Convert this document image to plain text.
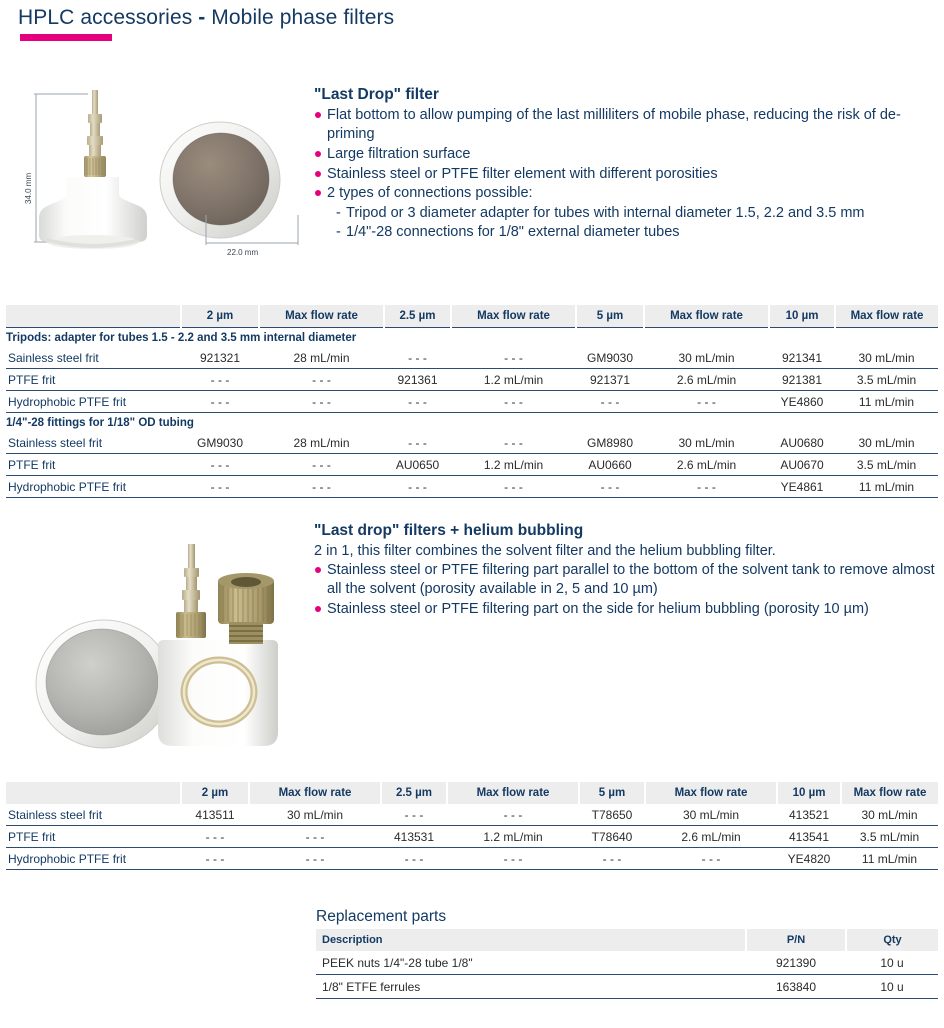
HPLC accessories - Mobile phase filters
34.0 mm
22.0 mm
"Last Drop" filter
Flat bottom to allow pumping of the last milliliters of mobile phase, reducing the risk of de-priming
Large filtration surface
Stainless steel or PTFE filter element with different porosities
2 types of connections possible:
- Tripod or 3 diameter adapter for tubes with internal diameter 1.5, 2.2 and 3.5 mm
- 1/4"-28 connections for 1/8" external diameter tubes
	2 µm	Max flow rate	2.5 µm	Max flow rate	5 µm	Max flow rate	10 µm	Max flow rate
Tripods: adapter for tubes 1.5 - 2.2 and 3.5 mm internal diameter								
Sainless steel frit	921321	28 mL/min	- - -	- - -	GM9030	30 mL/min	921341	30 mL/min
PTFE frit	- - -	- - -	921361	1.2 mL/min	921371	2.6 mL/min	921381	3.5 mL/min
Hydrophobic PTFE frit	- - -	- - -	- - -	- - -	- - -	- - -	YE4860	11 mL/min
1/4"-28 fittings for 1/18" OD tubing								
Stainless steel frit	GM9030	28 mL/min	- - -	- - -	GM8980	30 mL/min	AU0680	30 mL/min
PTFE frit	- - -	- - -	AU0650	1.2 mL/min	AU0660	2.6 mL/min	AU0670	3.5 mL/min
Hydrophobic PTFE frit	- - -	- - -	- - -	- - -	- - -	- - -	YE4861	11 mL/min
"Last drop" filters + helium bubbling
2 in 1, this filter combines the solvent filter and the helium bubbling filter.
Stainless steel or PTFE filtering part parallel to the bottom of the solvent tank to remove almost all the solvent (porosity available in 2, 5 and 10 µm)
Stainless steel or PTFE filtering part on the side for helium bubbling (porosity 10 µm)
	2 µm	Max flow rate	2.5 µm	Max flow rate	5 µm	Max flow rate	10 µm	Max flow rate
Stainless steel frit	413511	30 mL/min	- - -	- - -	T78650	30 mL/min	413521	30 mL/min
PTFE frit	- - -	- - -	413531	1.2 mL/min	T78640	2.6 mL/min	413541	3.5 mL/min
Hydrophobic PTFE frit	- - -	- - -	- - -	- - -	- - -	- - -	YE4820	11 mL/min
Replacement parts
Description	P/N	Qty
PEEK nuts 1/4"-28 tube 1/8"	921390	10 u
1/8" ETFE ferrules	163840	10 u
